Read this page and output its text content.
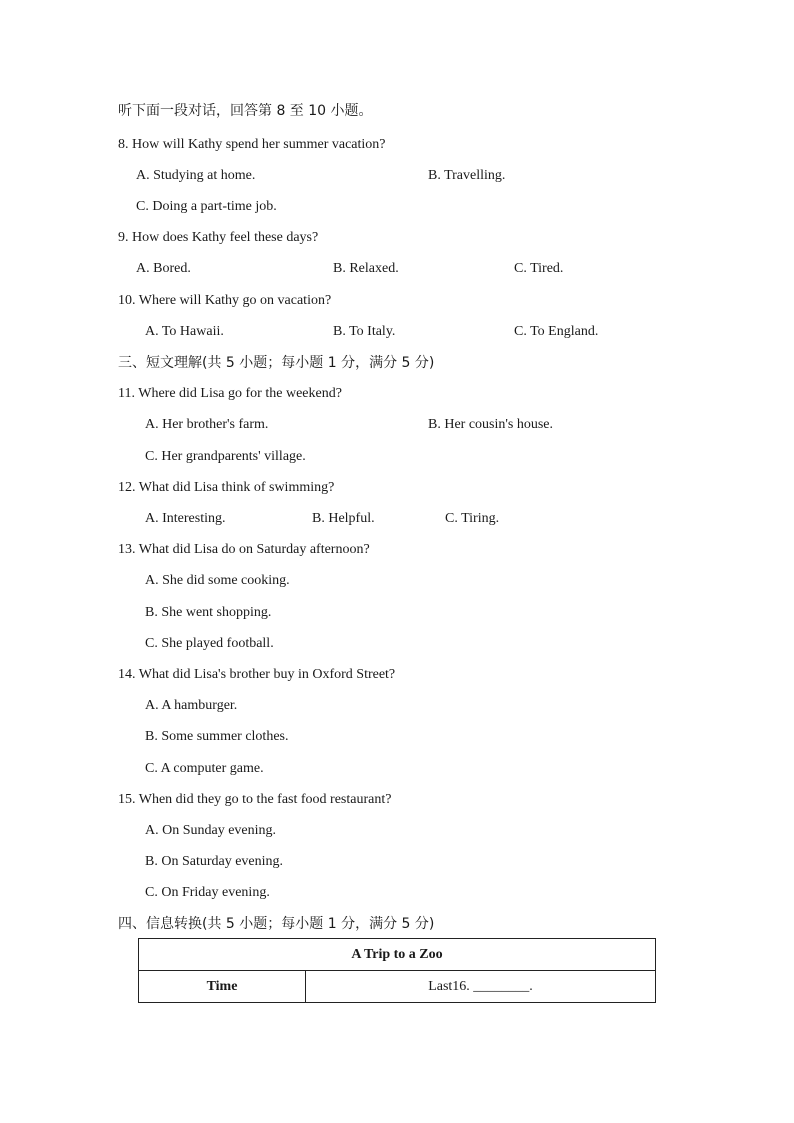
听下面一段对话，回答第 8 至 10 小题。
8. How will Kathy spend her summer vacation?
A. Studying at home.	B. Travelling.
C. Doing a part-time job.
9. How does Kathy feel these days?
A. Bored.	B. Relaxed.	C. Tired.
10. Where will Kathy go on vacation?
A. To Hawaii.	B. To Italy.	C. To England.
三、短文理解(共 5 小题；每小题 1 分，满分 5 分)
11. Where did Lisa go for the weekend?
A. Her brother's farm.	B. Her cousin's house.
C. Her grandparents' village.
12. What did Lisa think of swimming?
A. Interesting.	B. Helpful.	C. Tiring.
13. What did Lisa do on Saturday afternoon?
A. She did some cooking.
B. She went shopping.
C. She played football.
14. What did Lisa's brother buy in Oxford Street?
A. A hamburger.
B. Some summer clothes.
C. A computer game.
15. When did they go to the fast food restaurant?
A. On Sunday evening.
B. On Saturday evening.
C. On Friday evening.
四、信息转换(共 5 小题；每小题 1 分，满分 5 分)
A Trip to a Zoo
Time	Last16. ________.
